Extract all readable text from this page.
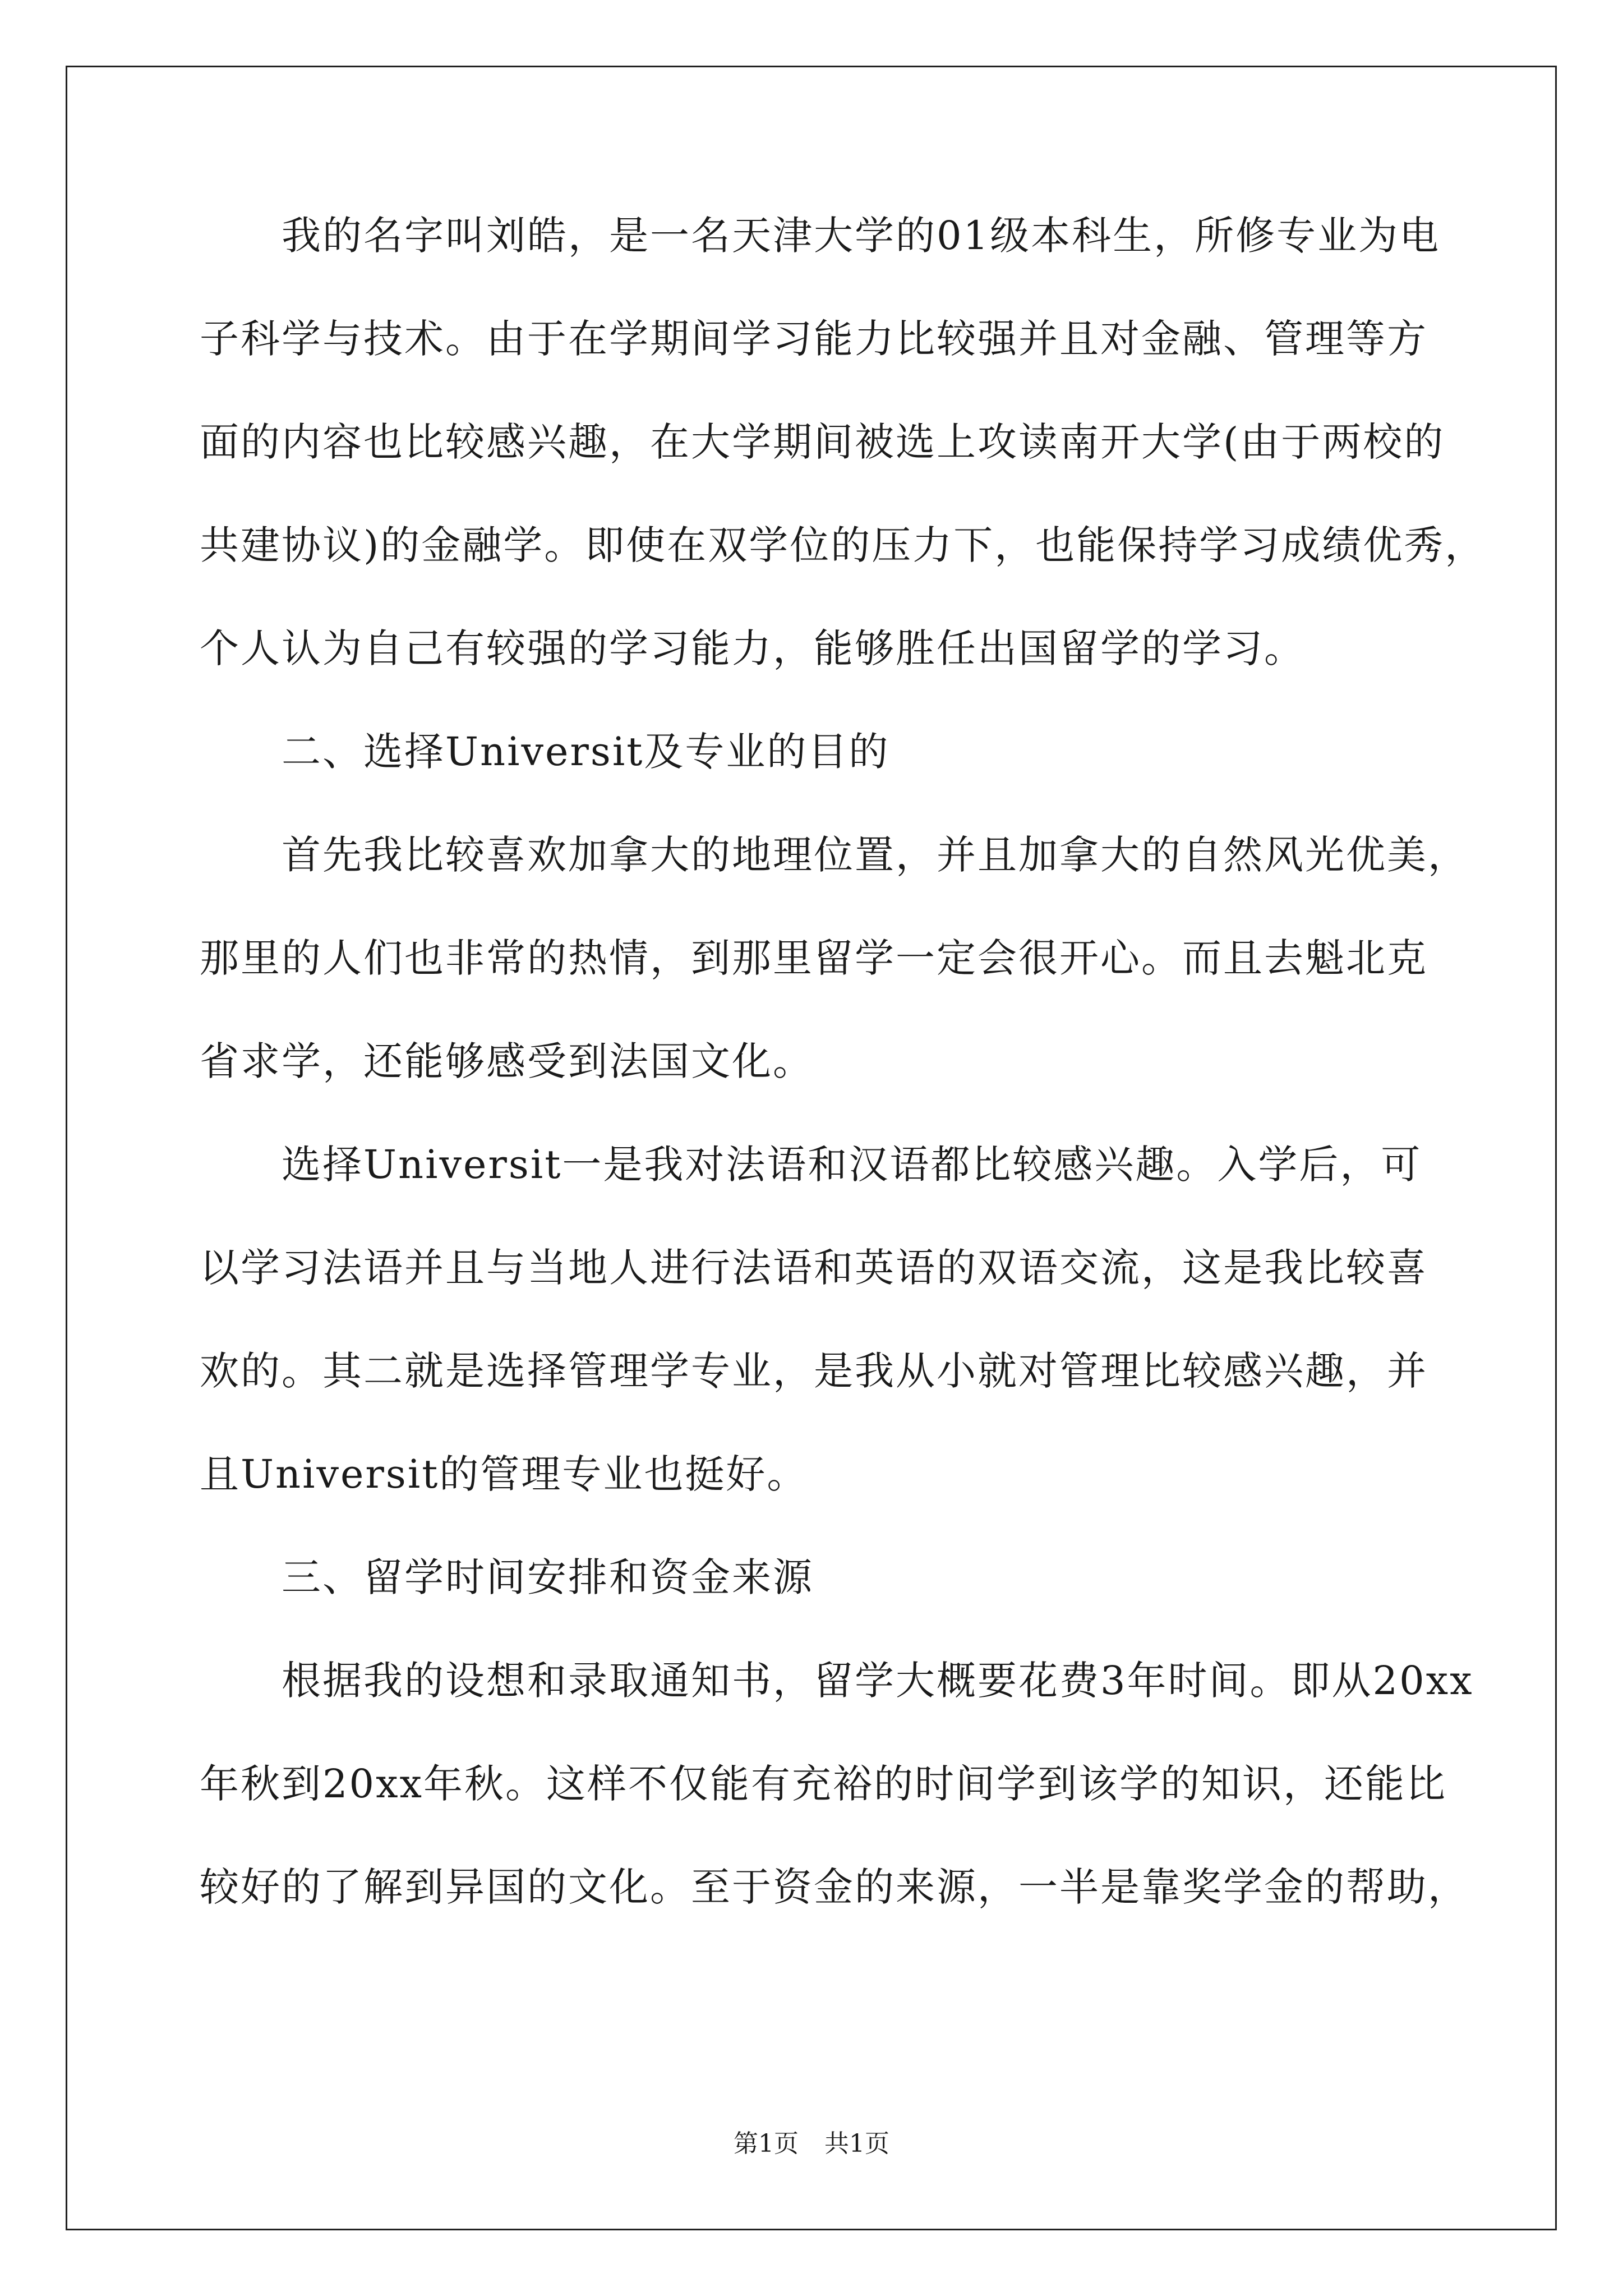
我的名字叫刘皓，是一名天津大学的01级本科生，所修专业为电
子科学与技术。由于在学期间学习能力比较强并且对金融、管理等方
面的内容也比较感兴趣，在大学期间被选上攻读南开大学(由于两校的
共建协议)的金融学。即使在双学位的压力下，也能保持学习成绩优秀，
个人认为自己有较强的学习能力，能够胜任出国留学的学习。
二、选择Universit及专业的目的
首先我比较喜欢加拿大的地理位置，并且加拿大的自然风光优美，
那里的人们也非常的热情，到那里留学一定会很开心。而且去魁北克
省求学，还能够感受到法国文化。
选择Universit一是我对法语和汉语都比较感兴趣。入学后，可
以学习法语并且与当地人进行法语和英语的双语交流，这是我比较喜
欢的。其二就是选择管理学专业，是我从小就对管理比较感兴趣，并
且Universit的管理专业也挺好。
三、留学时间安排和资金来源
根据我的设想和录取通知书，留学大概要花费3年时间。即从20xx
年秋到20xx年秋。这样不仅能有充裕的时间学到该学的知识，还能比
较好的了解到异国的文化。至于资金的来源，一半是靠奖学金的帮助，
第1页 共1页
